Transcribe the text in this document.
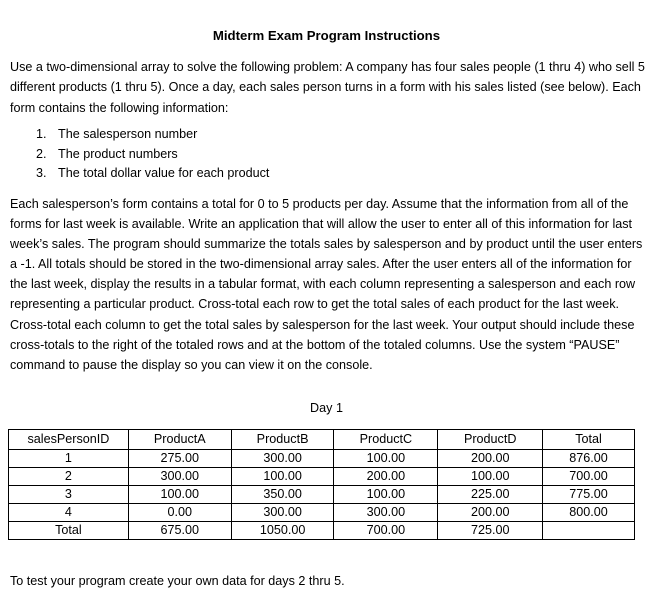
Midterm Exam Program Instructions

Use a two-dimensional array to solve the following problem: A company has four sales people (1 thru 4) who sell 5 different products (1 thru 5). Once a day, each sales person turns in a form with his sales listed (see below). Each form contains the following information:

1. The salesperson number
2. The product numbers
3. The total dollar value for each product

Each salesperson’s form contains a total for 0 to 5 products per day. Assume that the information from all of the forms for last week is available. Write an application that will allow the user to enter all of this information for last week’s sales. The program should summarize the totals sales by salesperson and by product until the user enters a -1. All totals should be stored in the two-dimensional array sales. After the user enters all of the information for the last week, display the results in a tabular format, with each column representing a salesperson and each row representing a particular product. Cross-total each row to get the total sales of each product for the last week. Cross-total each column to get the total sales by salesperson for the last week. Your output should include these cross-totals to the right of the totaled rows and at the bottom of the totaled columns. Use the system “PAUSE” command to pause the display so you can view it on the console.

Day 1
salesPersonID	ProductA	ProductB	ProductC	ProductD	Total
1	275.00	300.00	100.00	200.00	876.00
2	300.00	100.00	200.00	100.00	700.00
3	100.00	350.00	100.00	225.00	775.00
4	0.00	300.00	300.00	200.00	800.00
Total	675.00	1050.00	700.00	725.00	
To test your program create your own data for days 2 thru 5.
